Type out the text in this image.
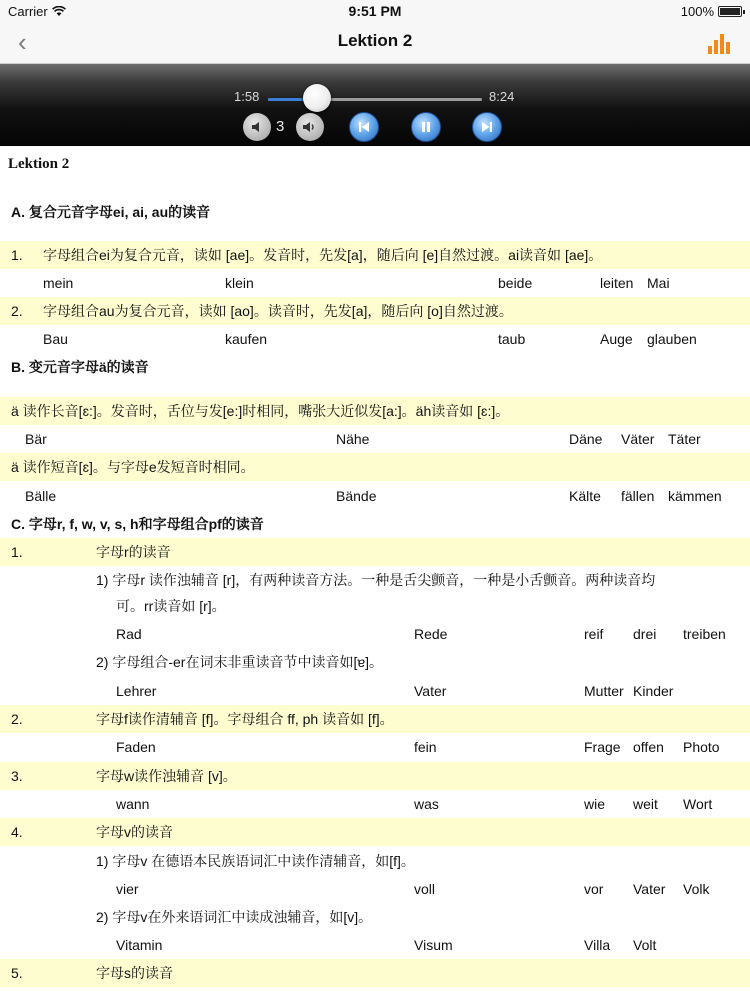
Carrier	9:51 PM	100%
‹	Lektion 2
1:58	8:24
3
Lektion 2
A. 复合元音字母ei, ai, au的读音
1. 字母组合ei为复合元音，读如 [ae]。发音时，先发[a]，随后向 [e]自然过渡。ai读音如 [ae]。
mein	klein	beide	leiten Mai
2. 字母组合au为复合元音，读如 [ao]。读音时，先发[a]，随后向 [o]自然过渡。
Bau	kaufen	taub	Auge glauben
B. 变元音字母ä的读音
ä 读作长音[ɛ:]。发音时，舌位与发[e:]时相同，嘴张大近似发[a:]。äh读音如 [ɛ:]。
Bär	Nähe	Däne Väter Täter
ä 读作短音[ɛ]。与字母e发短音时相同。
Bälle	Bände	Kälte fällen kämmen
C. 字母r, f, w, v, s, h和字母组合pf的读音
1.	字母r的读音
1) 字母r 读作浊辅音 [r]，有两种读音方法。一种是舌尖颤音，一种是小舌颤音。两种读音均
可。rr读音如 [r]。
Rad	Rede	reif drei treiben
2) 字母组合-er在词末非重读音节中读音如[ɐ]。
Lehrer	Vater	Mutter Kinder
2.	字母f读作清辅音 [f]。字母组合 ff, ph 读音如 [f]。
Faden	fein	Frage offen Photo
3.	字母w读作浊辅音 [v]。
wann	was	wie weit Wort
4.	字母v的读音
1) 字母v 在德语本民族语词汇中读作清辅音，如[f]。
vier	voll	vor Vater Volk
2) 字母v在外来语词汇中读成浊辅音，如[v]。
Vitamin	Visum	Villa Volt
5.	字母s的读音
